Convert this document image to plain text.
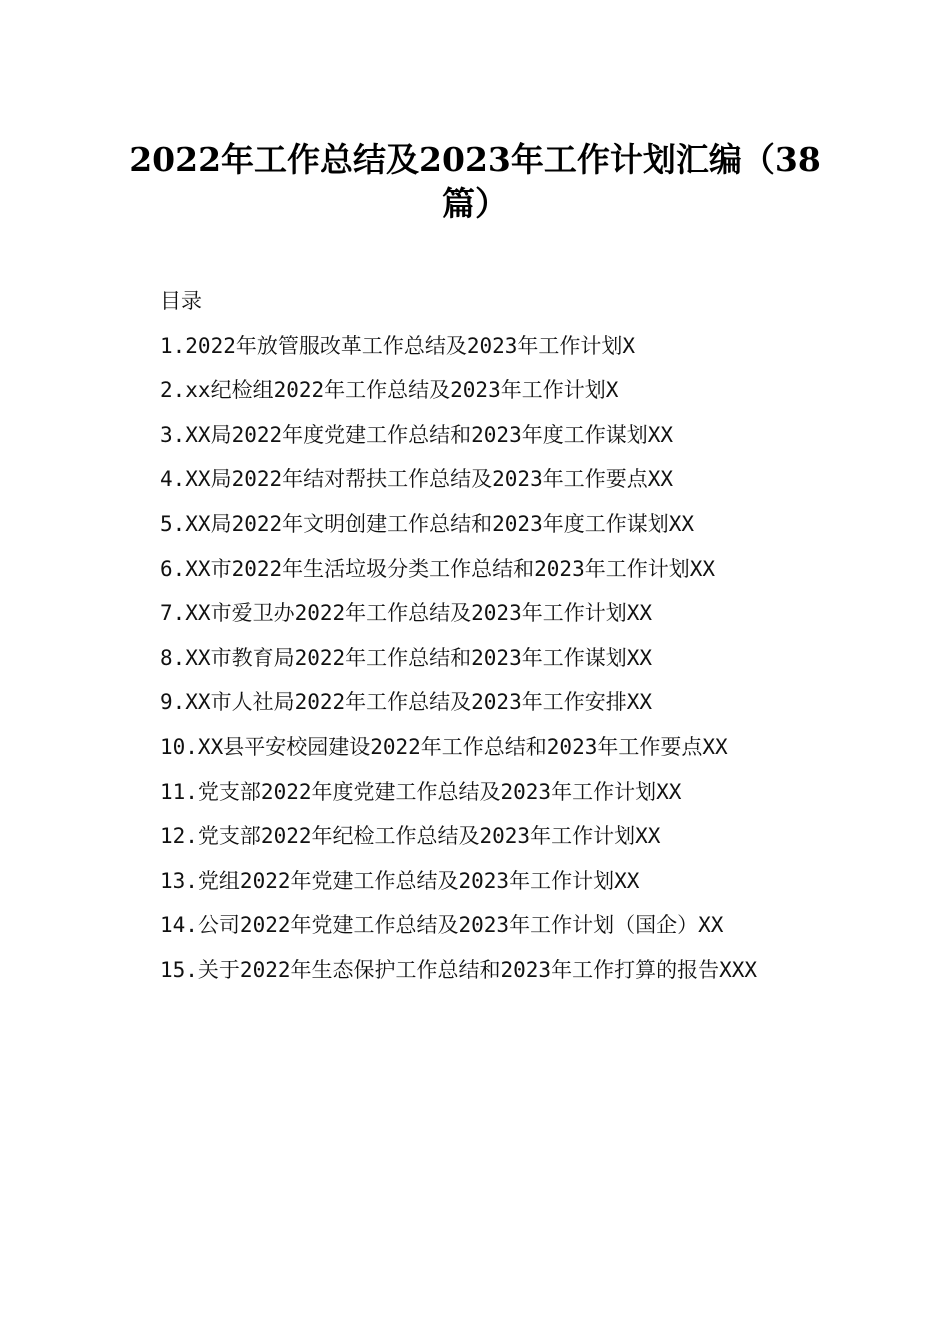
2022年工作总结及2023年工作计划汇编（38篇）

目录

1.2022年放管服改革工作总结及2023年工作计划X
2.xx纪检组2022年工作总结及2023年工作计划X
3.XX局2022年度党建工作总结和2023年度工作谋划XX
4.XX局2022年结对帮扶工作总结及2023年工作要点XX
5.XX局2022年文明创建工作总结和2023年度工作谋划XX
6.XX市2022年生活垃圾分类工作总结和2023年工作计划XX
7.XX市爱卫办2022年工作总结及2023年工作计划XX
8.XX市教育局2022年工作总结和2023年工作谋划XX
9.XX市人社局2022年工作总结及2023年工作安排XX
10.XX县平安校园建设2022年工作总结和2023年工作要点XX
11.党支部2022年度党建工作总结及2023年工作计划XX
12.党支部2022年纪检工作总结及2023年工作计划XX
13.党组2022年党建工作总结及2023年工作计划XX
14.公司2022年党建工作总结及2023年工作计划（国企）XX
15.关于2022年生态保护工作总结和2023年工作打算的报告XXX
